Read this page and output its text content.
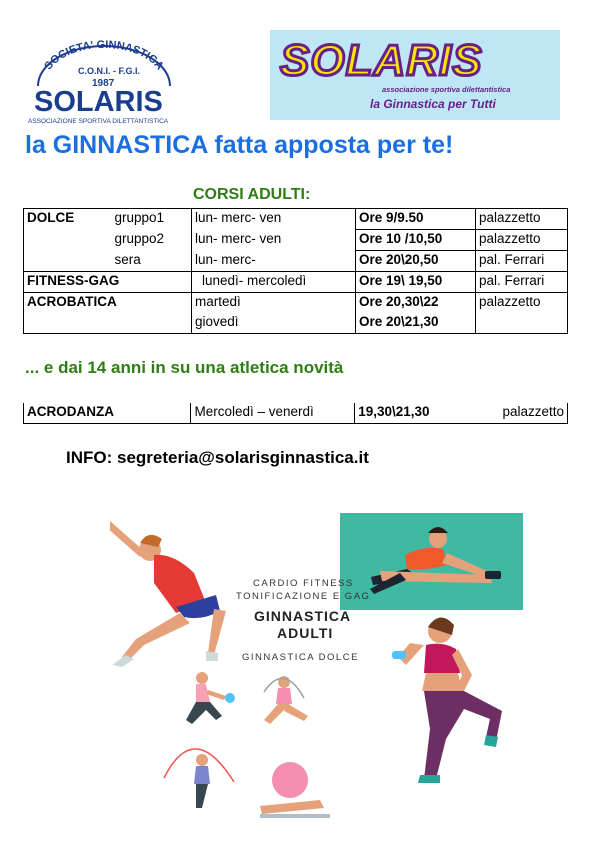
SOCIETA' GINNASTICA
C.O.N.I. - F.G.I.
1987
SOLARIS
ASSOCIAZIONE SPORTIVA DILETTANTISTICA
SOLARIS
associazione sportiva dilettantistica
la Ginnastica per Tutti
la GINNASTICA fatta apposta per te!
CORSI ADULTI:
DOLCE	gruppo1	lun- merc- ven	Ore 9/9.50	palazzetto
	gruppo2	lun- merc- ven	Ore 10 /10,50	palazzetto
	sera	lun- merc-	Ore 20\20,50	pal. Ferrari
FITNESS-GAG		lunedì- mercoledì	Ore 19\ 19,50	pal. Ferrari
ACROBATICA		martedì	Ore 20,30\22	palazzetto
		giovedì	Ore 20\21,30	
... e dai 14 anni in su una atletica novità
ACRODANZA	Mercoledì – venerdì	19,30\21,30	palazzetto
INFO: segreteria@solarisginnastica.it
CARDIO FITNESS
TONIFICAZIONE E GAG
GINNASTICA
ADULTI
GINNASTICA DOLCE
